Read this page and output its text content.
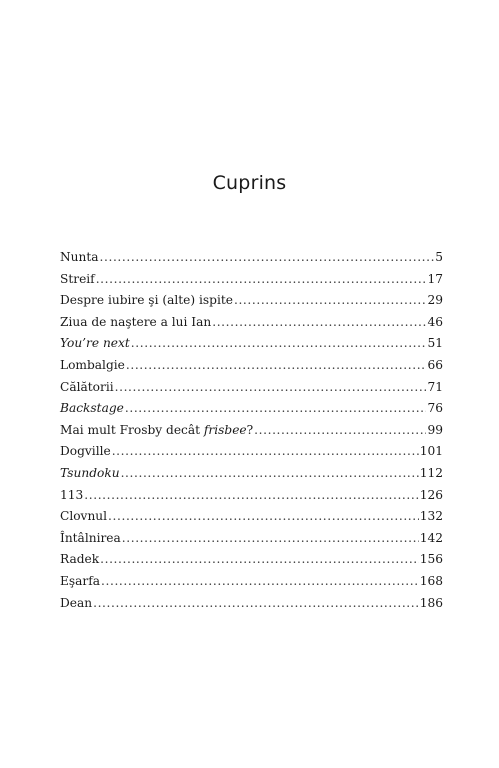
Cuprins
Nunta .....	5
Streif .....	17
Despre iubire şi (alte) ispite .....	29
Ziua de naştere a lui Ian .....	46
You’re next .....	51
Lombalgie .....	66
Călătorii .....	71
Backstage .....	76
Mai mult Frosby decât frisbee? .....	99
Dogville .....	101
Tsundoku .....	112
113 .....	126
Clovnul .....	132
Întâlnirea .....	142
Radek .....	156
Eşarfa .....	168
Dean .....	186
